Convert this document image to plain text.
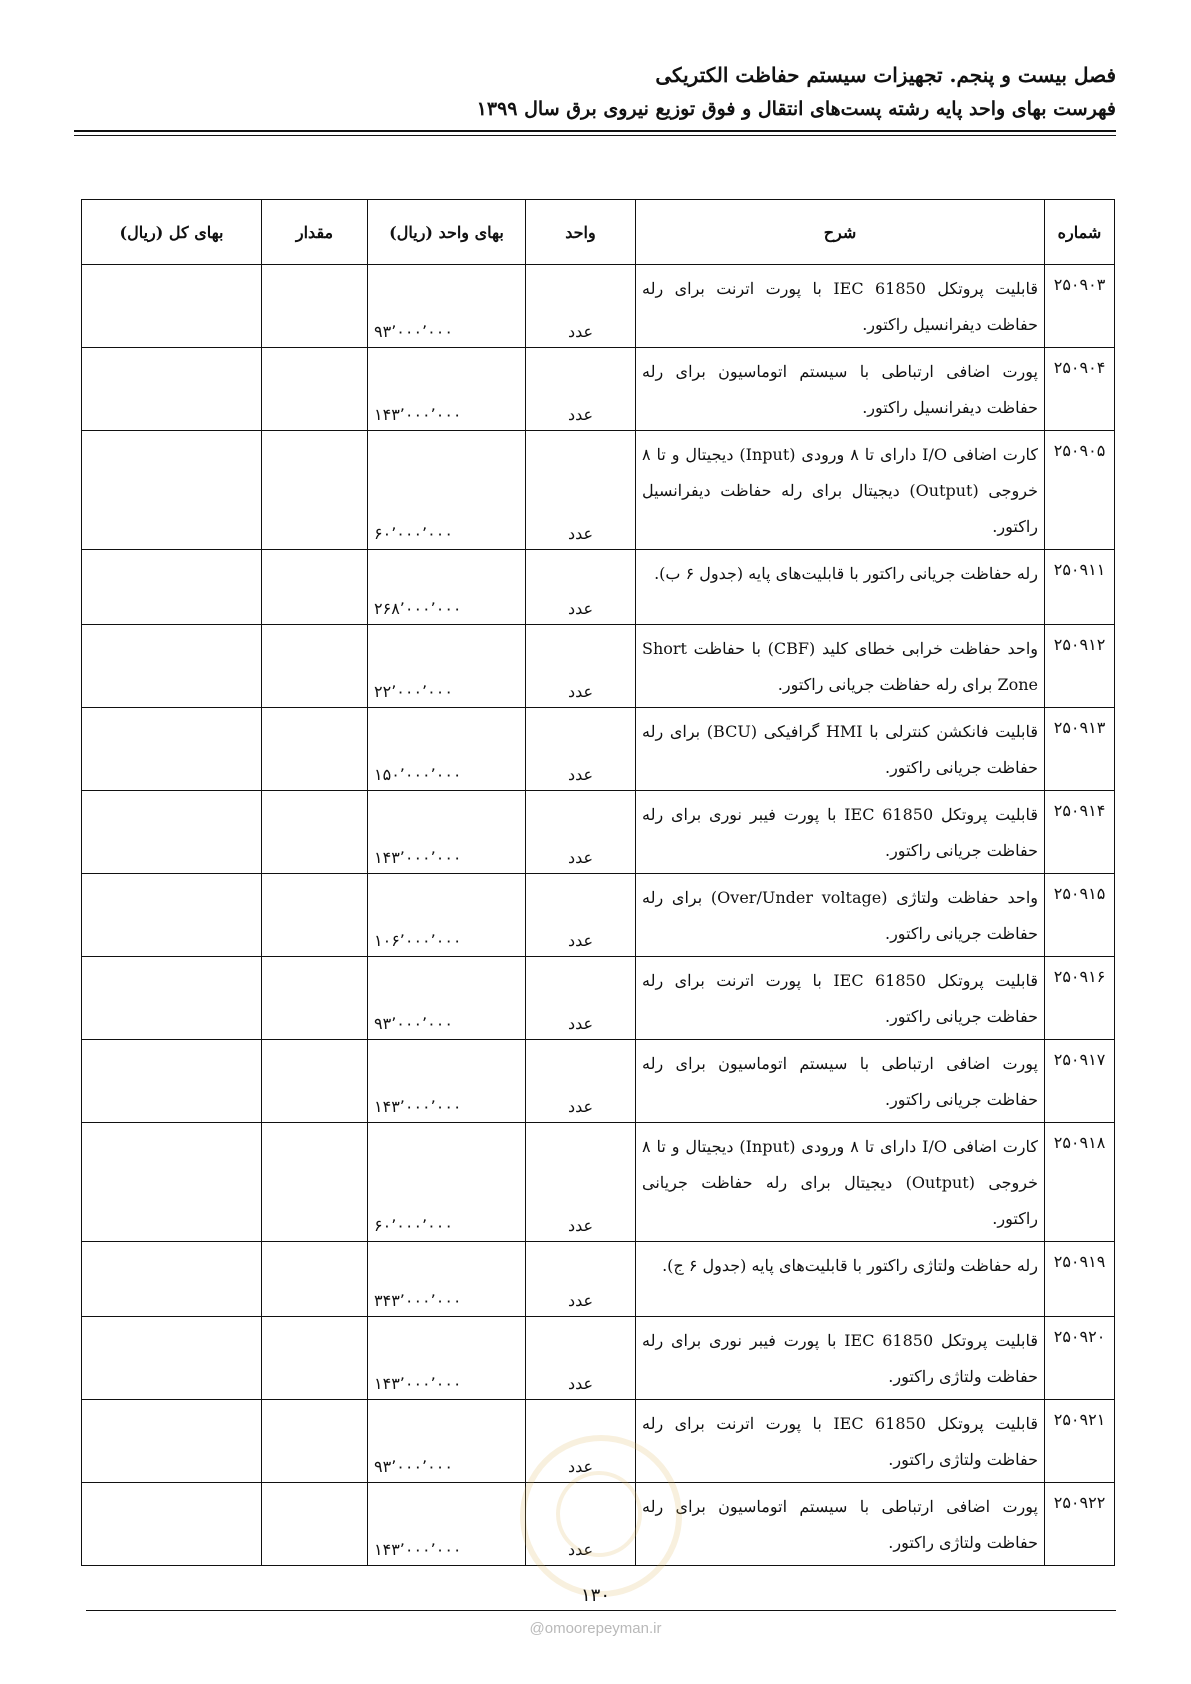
فصل بیست و پنجم. تجهیزات سیستم حفاظت الکتریکی
فهرست بهای واحد پایه رشته پست‌های انتقال و فوق توزیع نیروی برق سال ۱۳۹۹
شماره	شرح	واحد	بهای واحد (ریال)	مقدار	بهای کل (ریال)
۲۵۰۹۰۳	قابلیت پروتکل IEC 61850 با پورت اترنت برای رله حفاظت دیفرانسیل راکتور.	عدد	۹۳٬۰۰۰٬۰۰۰		
۲۵۰۹۰۴	پورت اضافی ارتباطی با سیستم اتوماسیون برای رله حفاظت دیفرانسیل راکتور.	عدد	۱۴۳٬۰۰۰٬۰۰۰		
۲۵۰۹۰۵	کارت اضافی I/O دارای تا ۸ ورودی (Input) دیجیتال و تا ۸ خروجی (Output) دیجیتال برای رله حفاظت دیفرانسیل راکتور.	عدد	۶۰٬۰۰۰٬۰۰۰		
۲۵۰۹۱۱	رله حفاظت جریانی راکتور با قابلیت‌های پایه (جدول ۶ ب).	عدد	۲۶۸٬۰۰۰٬۰۰۰		
۲۵۰۹۱۲	واحد حفاظت خرابی خطای کلید (CBF) با حفاظت Short Zone برای رله حفاظت جریانی راکتور.	عدد	۲۲٬۰۰۰٬۰۰۰		
۲۵۰۹۱۳	قابلیت فانکشن کنترلی با HMI گرافیکی (BCU) برای رله حفاظت جریانی راکتور.	عدد	۱۵۰٬۰۰۰٬۰۰۰		
۲۵۰۹۱۴	قابلیت پروتکل IEC 61850 با پورت فیبر نوری برای رله حفاظت جریانی راکتور.	عدد	۱۴۳٬۰۰۰٬۰۰۰		
۲۵۰۹۱۵	واحد حفاظت ولتاژی (Over/Under voltage) برای رله حفاظت جریانی راکتور.	عدد	۱۰۶٬۰۰۰٬۰۰۰		
۲۵۰۹۱۶	قابلیت پروتکل IEC 61850 با پورت اترنت برای رله حفاظت جریانی راکتور.	عدد	۹۳٬۰۰۰٬۰۰۰		
۲۵۰۹۱۷	پورت اضافی ارتباطی با سیستم اتوماسیون برای رله حفاظت جریانی راکتور.	عدد	۱۴۳٬۰۰۰٬۰۰۰		
۲۵۰۹۱۸	کارت اضافی I/O دارای تا ۸ ورودی (Input) دیجیتال و تا ۸ خروجی (Output) دیجیتال برای رله حفاظت جریانی راکتور.	عدد	۶۰٬۰۰۰٬۰۰۰		
۲۵۰۹۱۹	رله حفاظت ولتاژی راکتور با قابلیت‌های پایه (جدول ۶ ج).	عدد	۳۴۳٬۰۰۰٬۰۰۰		
۲۵۰۹۲۰	قابلیت پروتکل IEC 61850 با پورت فیبر نوری برای رله حفاظت ولتاژی راکتور.	عدد	۱۴۳٬۰۰۰٬۰۰۰		
۲۵۰۹۲۱	قابلیت پروتکل IEC 61850 با پورت اترنت برای رله حفاظت ولتاژی راکتور.	عدد	۹۳٬۰۰۰٬۰۰۰		
۲۵۰۹۲۲	پورت اضافی ارتباطی با سیستم اتوماسیون برای رله حفاظت ولتاژی راکتور.	عدد	۱۴۳٬۰۰۰٬۰۰۰		
۱۳۰
@omoorepeyman.ir
